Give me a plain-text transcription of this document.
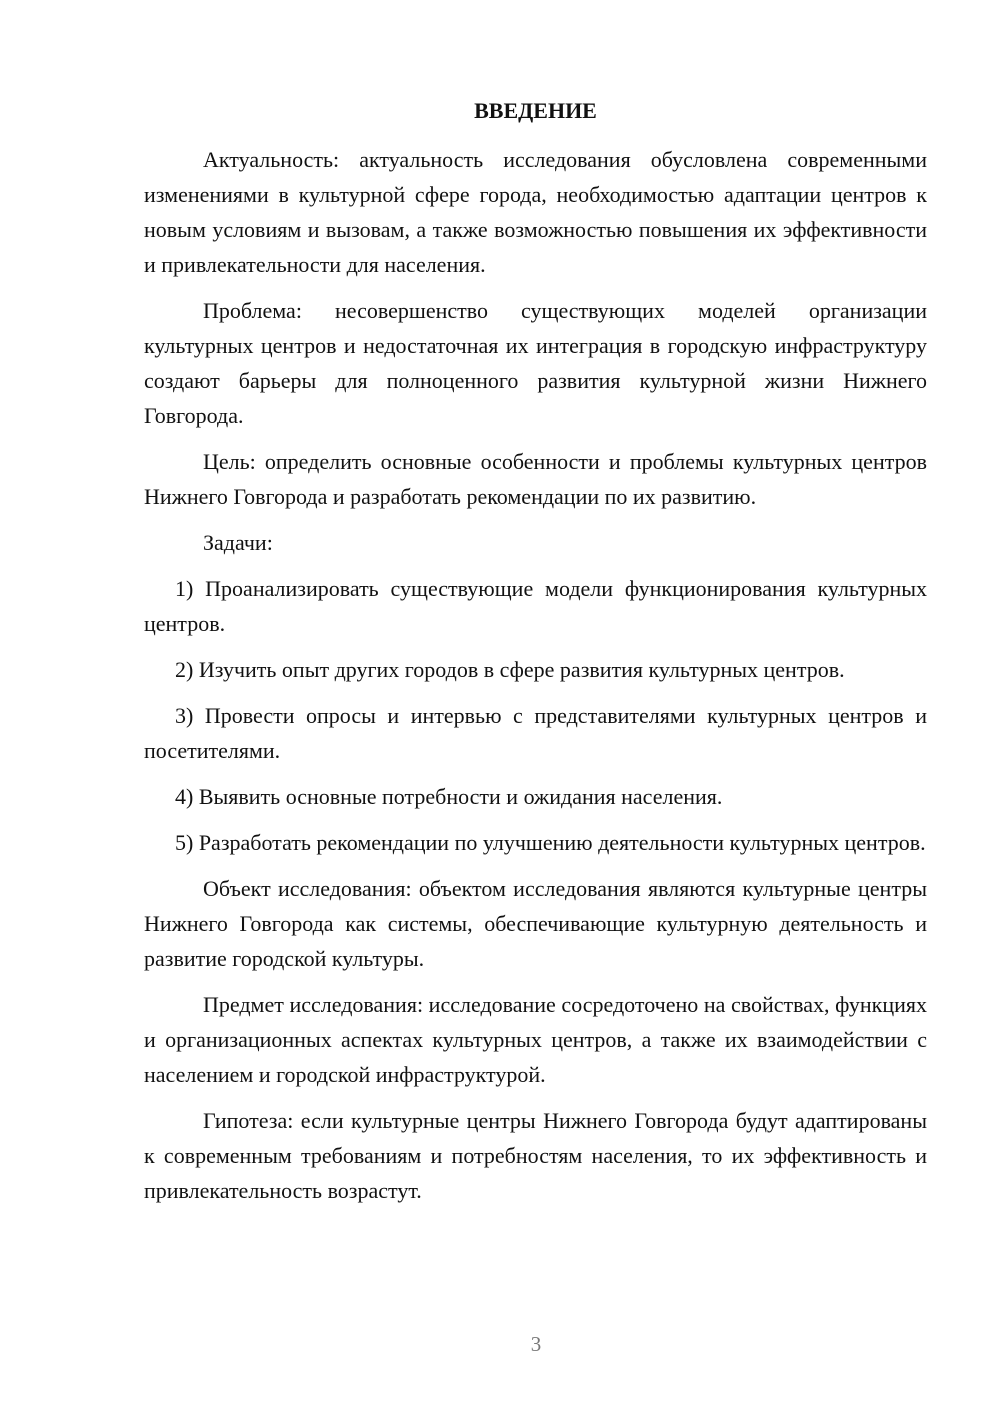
ВВЕДЕНИЕ

Актуальность: актуальность исследования обусловлена современными изменениями в культурной сфере города, необходимостью адаптации центров к новым условиям и вызовам, а также возможностью повышения их эффективности и привлекательности для населения.

Проблема: несовершенство существующих моделей организации культурных центров и недостаточная их интеграция в городскую инфраструктуру создают барьеры для полноценного развития культурной жизни Нижнего Говгорода.

Цель: определить основные особенности и проблемы культурных центров Нижнего Говгорода и разработать рекомендации по их развитию.

Задачи:

1) Проанализировать существующие модели функционирования культурных центров.

2) Изучить опыт других городов в сфере развития культурных центров.

3) Провести опросы и интервью с представителями культурных центров и посетителями.

4) Выявить основные потребности и ожидания населения.

5) Разработать рекомендации по улучшению деятельности культурных центров.

Объект исследования: объектом исследования являются культурные центры Нижнего Говгорода как системы, обеспечивающие культурную деятельность и развитие городской культуры.

Предмет исследования: исследование сосредоточено на свойствах, функциях и организационных аспектах культурных центров, а также их взаимодействии с населением и городской инфраструктурой.

Гипотеза: если культурные центры Нижнего Говгорода будут адаптированы к современным требованиям и потребностям населения, то их эффективность и привлекательность возрастут.

3
